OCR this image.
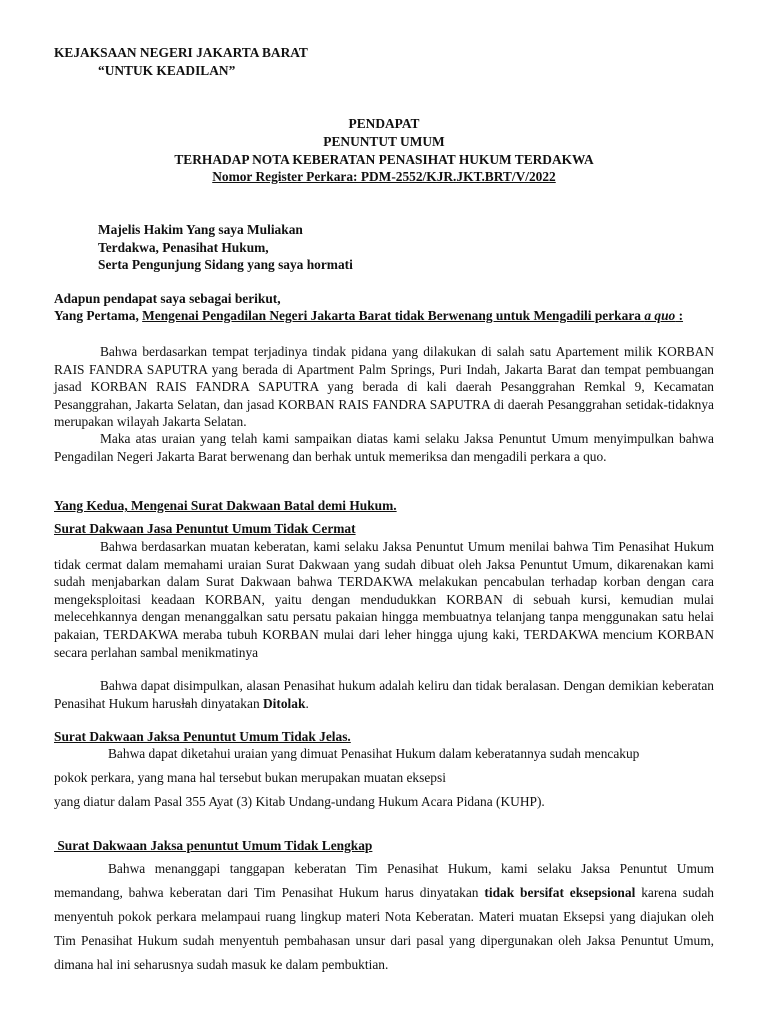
KEJAKSAAN NEGERI JAKARTA BARAT
“UNTUK KEADILAN”
PENDAPAT
PENUNTUT UMUM
TERHADAP NOTA KEBERATAN PENASIHAT HUKUM TERDAKWA
Nomor Register Perkara: PDM-2552/KJR.JKT.BRT/V/2022
Majelis Hakim Yang saya Muliakan
Terdakwa, Penasihat Hukum,
Serta Pengunjung Sidang yang saya hormati
Adapun pendapat saya sebagai berikut,
Yang Pertama, Mengenai Pengadilan Negeri Jakarta Barat tidak Berwenang untuk Mengadili perkara a quo :

Bahwa berdasarkan tempat terjadinya tindak pidana yang dilakukan di salah satu Apartement milik KORBAN RAIS FANDRA SAPUTRA yang berada di Apartment Palm Springs, Puri Indah, Jakarta Barat dan tempat pembuangan jasad KORBAN RAIS FANDRA SAPUTRA yang berada di kali daerah Pesanggrahan Remkal 9, Kecamatan Pesanggrahan, Jakarta Selatan, dan jasad KORBAN RAIS FANDRA SAPUTRA di daerah Pesanggrahan setidak-tidaknya merupakan wilayah Jakarta Selatan.

Maka atas uraian yang telah kami sampaikan diatas kami selaku Jaksa Penuntut Umum menyimpulkan bahwa Pengadilan Negeri Jakarta Barat berwenang dan berhak untuk memeriksa dan mengadili perkara a quo.

Yang Kedua, Mengenai Surat Dakwaan Batal demi Hukum.
Surat Dakwaan Jasa Penuntut Umum Tidak Cermat

Bahwa berdasarkan muatan keberatan, kami selaku Jaksa Penuntut Umum menilai bahwa Tim Penasihat Hukum tidak cermat dalam memahami uraian Surat Dakwaan yang sudah dibuat oleh Jaksa Penuntut Umum, dikarenakan kami sudah menjabarkan dalam Surat Dakwaan bahwa TERDAKWA melakukan pencabulan terhadap korban dengan cara mengeksploitasi keadaan KORBAN, yaitu dengan mendudukkan KORBAN di sebuah kursi, kemudian mulai melecehkannya dengan menanggalkan satu persatu pakaian hingga membuatnya telanjang tanpa menggunakan satu helai pakaian, TERDAKWA meraba tubuh KORBAN mulai dari leher hingga ujung kaki, TERDAKWA mencium KORBAN secara perlahan sambal menikmatinya

Bahwa dapat disimpulkan, alasan Penasihat hukum adalah keliru dan tidak beralasan. Dengan demikian keberatan Penasihat Hukum harusl̶ah dinyatakan Ditolak.

Surat Dakwaan Jaksa Penuntut Umum Tidak Jelas.
Bahwa dapat diketahui uraian yang dimuat Penasihat Hukum dalam keberatannya sudah mencakup
pokok perkara, yang mana hal tersebut bukan merupakan muatan eksepsi
yang diatur dalam Pasal 355 Ayat (3) Kitab Undang-undang Hukum Acara Pidana (KUHP).
Surat Dakwaan Jaksa penuntut Umum Tidak Lengkap

Bahwa menanggapi tanggapan keberatan Tim Penasihat Hukum, kami selaku Jaksa Penuntut Umum memandang, bahwa keberatan dari Tim Penasihat Hukum harus dinyatakan tidak bersifat eksepsional karena sudah menyentuh pokok perkara melampaui ruang lingkup materi Nota Keberatan. Materi muatan Eksepsi yang diajukan oleh Tim Penasihat Hukum sudah menyentuh pembahasan unsur dari pasal yang dipergunakan oleh Jaksa Penuntut Umum, dimana hal ini seharusnya sudah masuk ke dalam pembuktian.
